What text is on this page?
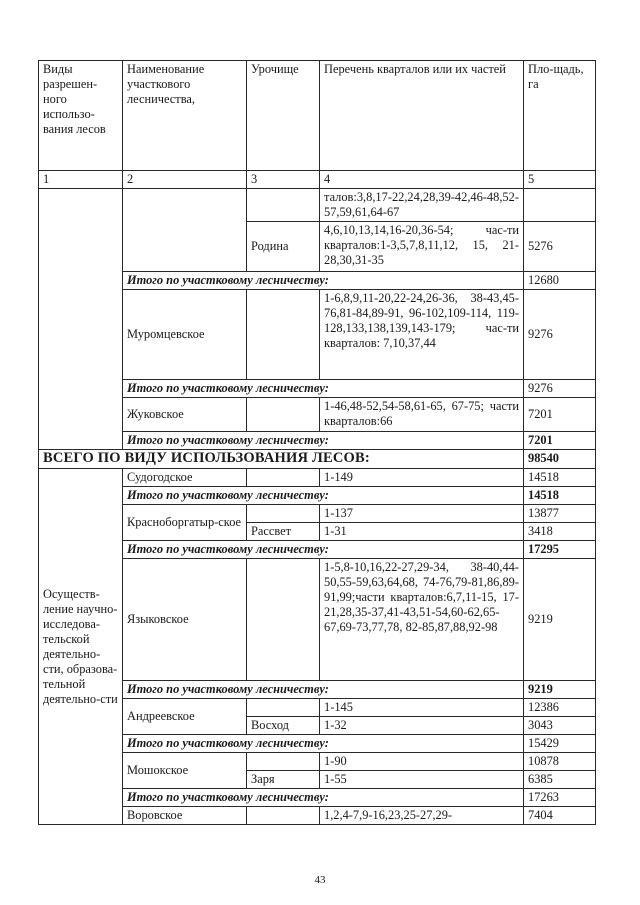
Виды разрешен-ного использо-вания лесов	Наименование участкового лесничества,	Урочище	Перечень кварталов или их частей	Пло-щадь, га
1	2	3	4	5
			талов:3,8,17-22,24,28,39-42,46-48,52-57,59,61,64-67	
		Родина	4,6,10,13,14,16-20,36-54; час-ти кварталов:1-3,5,7,8,11,12, 15, 21-28,30,31-35	5276
	Итого по участковому лесничеству:			12680
	Муромцевское		1-6,8,9,11-20,22-24,26-36, 38-43,45-76,81-84,89-91, 96-102,109-114, 119-128,133,138,139,143-179; час-ти кварталов: 7,10,37,44	9276
	Итого по участковому лесничеству:			9276
	Жуковское		1-46,48-52,54-58,61-65, 67-75; части кварталов:66	7201
	Итого по участковому лесничеству:			7201
ВСЕГО ПО ВИДУ ИСПОЛЬЗОВАНИЯ ЛЕСОВ:				98540
Осуществ-ление научно-исследова-тельской деятельно-сти, образова-тельной деятельно-сти	Судогодское		1-149	14518
	Итого по участковому лесничеству:			14518
	Красноборгатыр-ское		1-137	13877
		Рассвет	1-31	3418
	Итого по участковому лесничеству:			17295
	Языковское		1-5,8-10,16,22-27,29-34, 38-40,44-50,55-59,63,64,68, 74-76,79-81,86,89-91,99;части кварталов:6,7,11-15, 17-21,28,35-37,41-43,51-54,60-62,65-67,69-73,77,78, 82-85,87,88,92-98	9219
	Итого по участковому лесничеству:			9219
	Андреевское		1-145	12386
		Восход	1-32	3043
	Итого по участковому лесничеству:			15429
	Мошокское		1-90	10878
		Заря	1-55	6385
	Итого по участковому лесничеству:			17263
	Воровское		1,2,4-7,9-16,23,25-27,29-	7404
43
